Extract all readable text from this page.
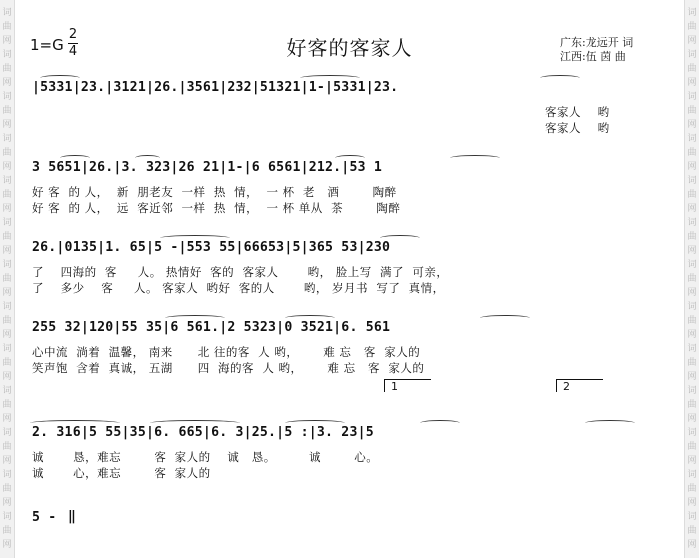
词
曲
网
词
曲
网
词
曲
网
词
曲
网
词
曲
网
词
曲
网
词
曲
网
词
曲
网
词
曲
网
词
曲
网
词
曲
网
词
曲
网
词
曲
网
词
曲
网
词
曲
网
词
曲
网
词
曲
网
词
曲
网
词
曲
网
词
曲
网
词
曲
网
词
曲
网
词
曲
网
词
曲
网
词
曲
网
词
曲
网
1=G
2
4	好客的客家人	广东:龙远开 词
江西:伍 茵 曲
|5331|23.|3121|26.|3561|232|51321|1-|5331|23.
客家人    哟
客家人    哟
3 5651|26.|3. 323|26 21|1-|6 6561|212.|53 1
好 客  的 人，  新  朋老友  一样  热  情，  一 杯  老   酒        陶醉
好 客  的 人，  远  客近邻  一样  热  情，  一 杯 单从  茶        陶醉
26.|0135|1. 65|5 -|553 55|66653|5|365 53|230
了    四海的  客     人。 热情好  客的  客家人       哟， 脸上写  满了  可亲，
了    多少    客     人。 客家人  哟好  客的人       哟， 岁月书  写了  真情，
255 32|120|55 35|6 561.|2 5323|0 3521|6. 561
心中流  淌着  温馨， 南来      北 往的客  人 哟，      难 忘   客  家人的
笑声饱  含着  真诚， 五湖      四  海的客  人 哟，      难 忘   客  家人的
2. 316|5 55|35|6. 665|6. 3|25.|5 :|3. 23|5
诚       恳，难忘        客  家人的    诚   恳。        诚        心。
诚       心，难忘        客  家人的
1	2
5 - ‖
